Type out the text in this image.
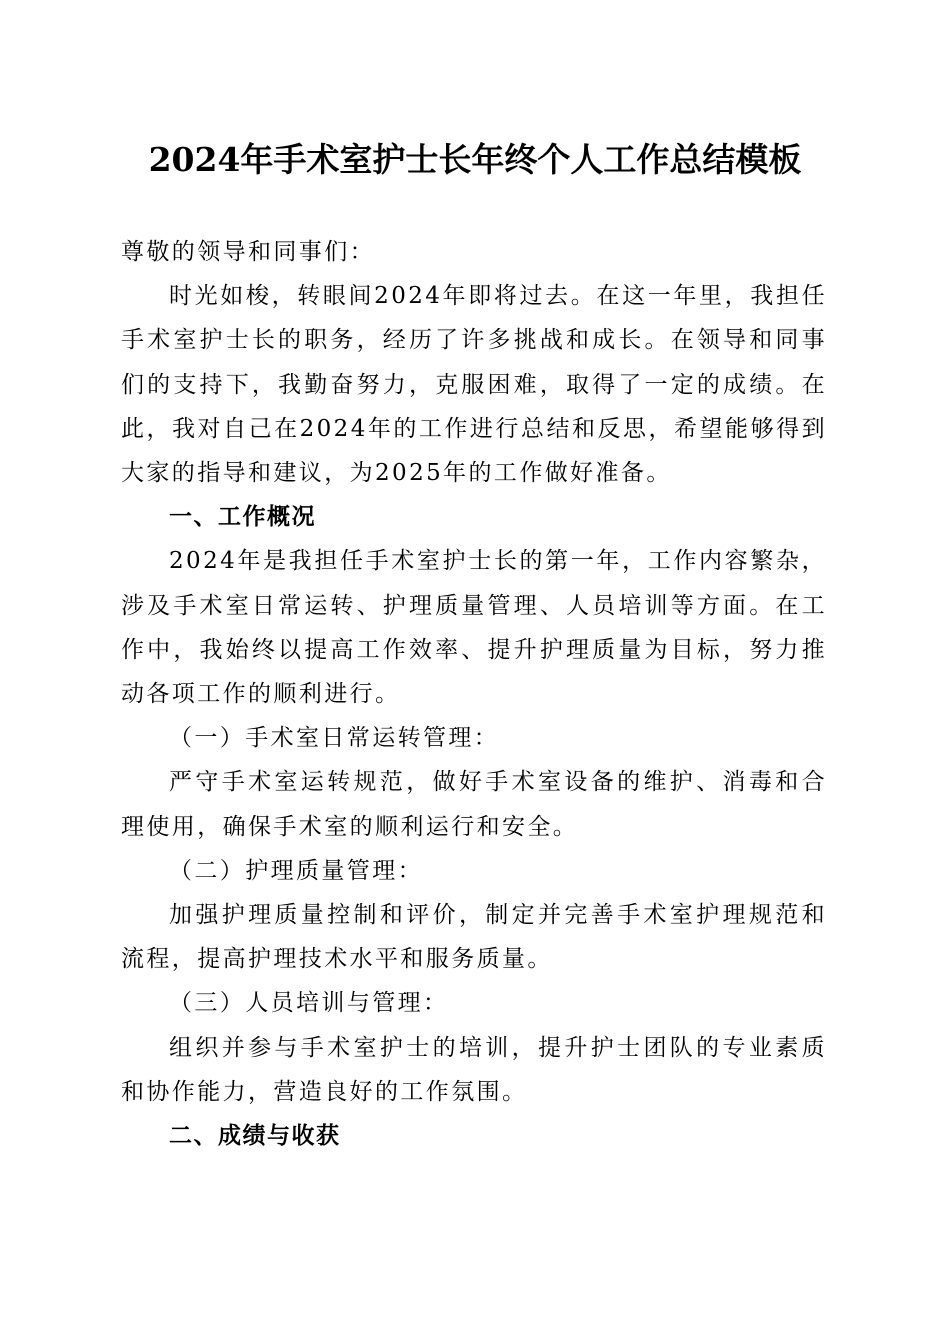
2024年手术室护士长年终个人工作总结模板

尊敬的领导和同事们：

时光如梭，转眼间2024年即将过去。在这一年里，我担任手术室护士长的职务，经历了许多挑战和成长。在领导和同事们的支持下，我勤奋努力，克服困难，取得了一定的成绩。在此，我对自己在2024年的工作进行总结和反思，希望能够得到大家的指导和建议，为2025年的工作做好准备。

一、工作概况

2024年是我担任手术室护士长的第一年，工作内容繁杂，涉及手术室日常运转、护理质量管理、人员培训等方面。在工作中，我始终以提高工作效率、提升护理质量为目标，努力推动各项工作的顺利进行。

（一）手术室日常运转管理：

严守手术室运转规范，做好手术室设备的维护、消毒和合理使用，确保手术室的顺利运行和安全。

（二）护理质量管理：

加强护理质量控制和评价，制定并完善手术室护理规范和流程，提高护理技术水平和服务质量。

（三）人员培训与管理：

组织并参与手术室护士的培训，提升护士团队的专业素质和协作能力，营造良好的工作氛围。

二、成绩与收获
